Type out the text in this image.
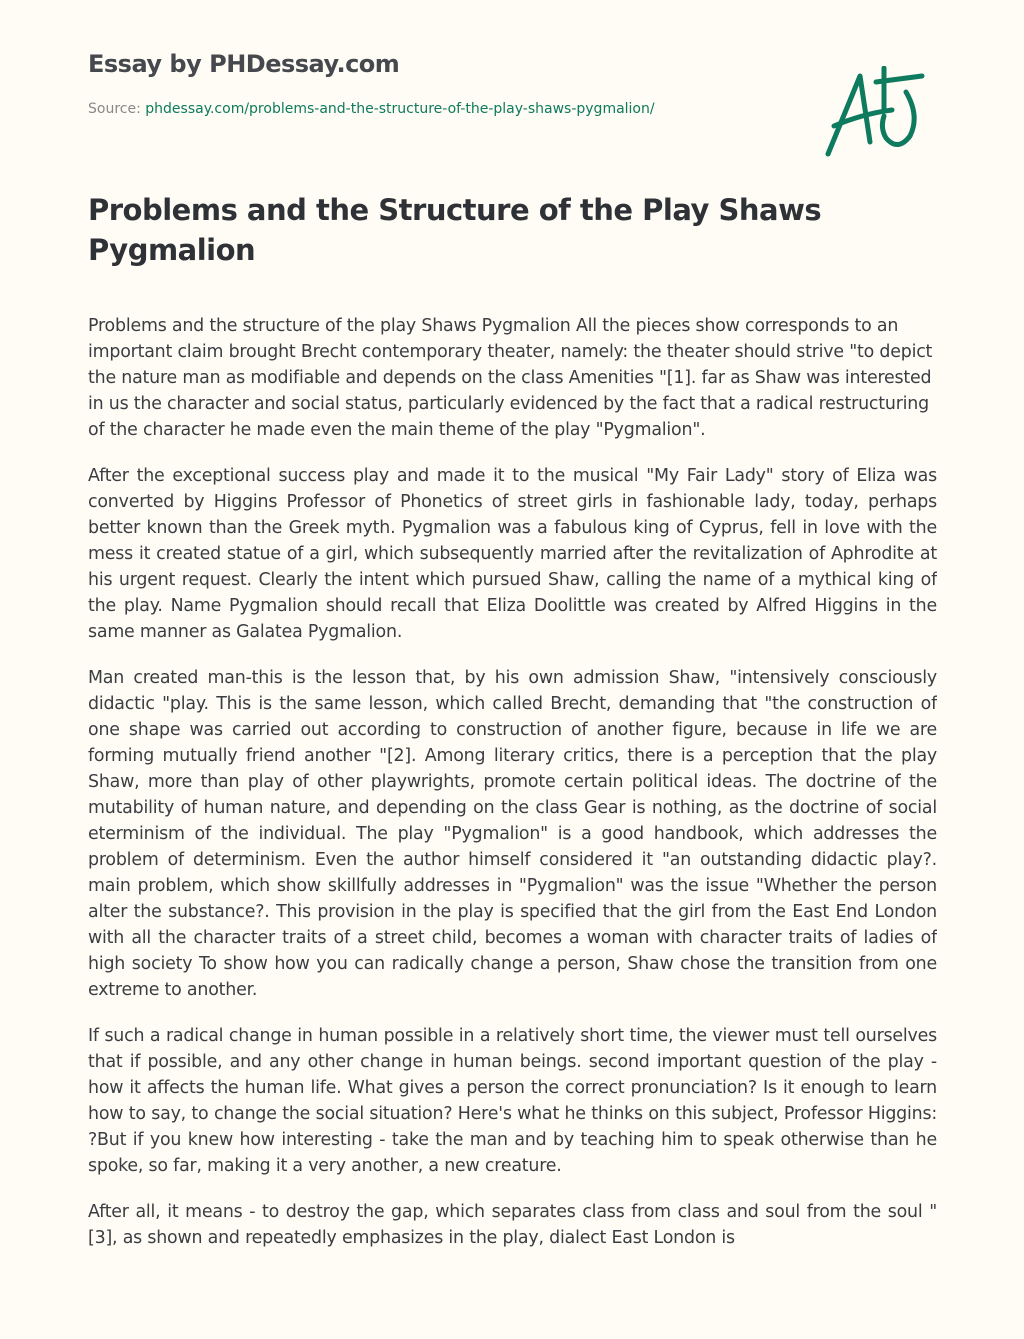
Essay by PHDessay.com
Source: phdessay.com/problems-and-the-structure-of-the-play-shaws-pygmalion/
Problems and the Structure of the Play Shaws Pygmalion

Problems and the structure of the play Shaws Pygmalion All the pieces show corresponds to an important claim brought Brecht contemporary theater, namely: the theater should strive "to depict the nature man as modifiable and depends on the class Amenities "[1]. far as Shaw was interested in us the character and social status, particularly evidenced by the fact that a radical restructuring of the character he made even the main theme of the play "Pygmalion".

After the exceptional success play and made it to the musical "My Fair Lady" story of Eliza was converted by Higgins Professor of Phonetics of street girls in fashionable lady, today, perhaps better known than the Greek myth. Pygmalion was a fabulous king of Cyprus, fell in love with the mess it created statue of a girl, which subsequently married after the revitalization of Aphrodite at his urgent request. Clearly the intent which pursued Shaw, calling the name of a mythical king of the play. Name Pygmalion should recall that Eliza Doolittle was created by Alfred Higgins in the same manner as Galatea Pygmalion.

Man created man-this is the lesson that, by his own admission Shaw, "intensively consciously didactic "play. This is the same lesson, which called Brecht, demanding that "the construction of one shape was carried out according to construction of another figure, because in life we are forming mutually friend another "[2]. Among literary critics, there is a perception that the play Shaw, more than play of other playwrights, promote certain political ideas. The doctrine of the mutability of human nature, and depending on the class Gear is nothing, as the doctrine of social eterminism of the individual. The play "Pygmalion" is a good handbook, which addresses the problem of determinism. Even the author himself considered it "an outstanding didactic play?. main problem, which show skillfully addresses in "Pygmalion" was the issue "Whether the person alter the substance?. This provision in the play is specified that the girl from the East End London with all the character traits of a street child, becomes a woman with character traits of ladies of high society To show how you can radically change a person, Shaw chose the transition from one extreme to another.

If such a radical change in human possible in a relatively short time, the viewer must tell ourselves that if possible, and any other change in human beings. second important question of the play - how it affects the human life. What gives a person the correct pronunciation? Is it enough to learn how to say, to change the social situation? Here's what he thinks on this subject, Professor Higgins: ?But if you knew how interesting - take the man and by teaching him to speak otherwise than he spoke, so far, making it a very another, a new creature.

After all, it means - to destroy the gap, which separates class from class and soul from the soul "[3], as shown and repeatedly emphasizes in the play, dialect East London is
